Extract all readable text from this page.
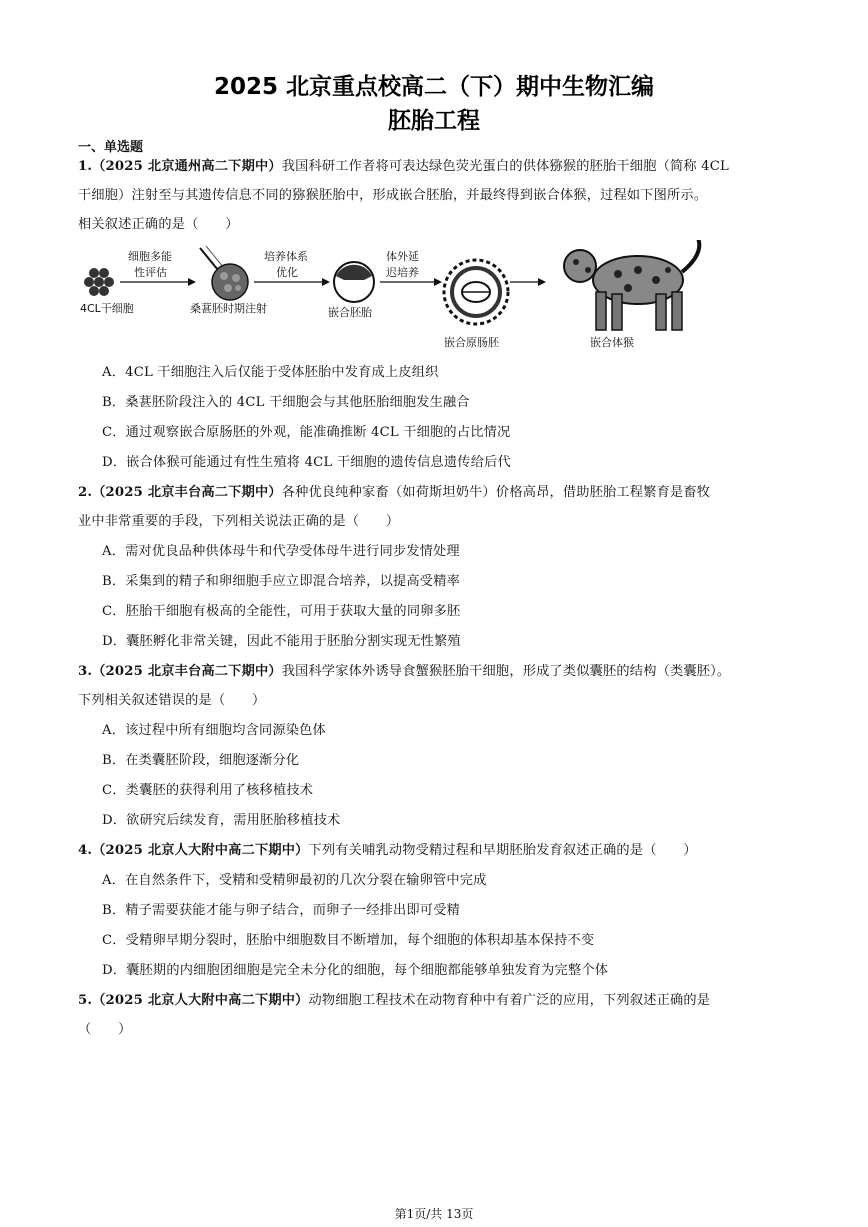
2025 北京重点校高二（下）期中生物汇编
胚胎工程
一、单选题
1.（2025 北京通州高二下期中）我国科研工作者将可表达绿色荧光蛋白的供体猕猴的胚胎干细胞（简称 4CL
干细胞）注射至与其遗传信息不同的猕猴胚胎中，形成嵌合胚胎，并最终得到嵌合体猴，过程如下图所示。
相关叙述正确的是（　　）
4CL干细胞
细胞多能
性评估
桑葚胚时期注射
培养体系
优化
嵌合胚胎
体外延
迟培养
嵌合原肠胚	嵌合体猴
A．4CL 干细胞注入后仅能于受体胚胎中发育成上皮组织
B．桑葚胚阶段注入的 4CL 干细胞会与其他胚胎细胞发生融合
C．通过观察嵌合原肠胚的外观，能准确推断 4CL 干细胞的占比情况
D．嵌合体猴可能通过有性生殖将 4CL 干细胞的遗传信息遗传给后代
2.（2025 北京丰台高二下期中）各种优良纯种家畜（如荷斯坦奶牛）价格高昂，借助胚胎工程繁育是畜牧
业中非常重要的手段，下列相关说法正确的是（　　）
A．需对优良品种供体母牛和代孕受体母牛进行同步发情处理
B．采集到的精子和卵细胞手应立即混合培养，以提高受精率
C．胚胎干细胞有极高的全能性，可用于获取大量的同卵多胚
D．囊胚孵化非常关键，因此不能用于胚胎分割实现无性繁殖
3.（2025 北京丰台高二下期中）我国科学家体外诱导食蟹猴胚胎干细胞，形成了类似囊胚的结构（类囊胚）。
下列相关叙述错误的是（　　）
A．该过程中所有细胞均含同源染色体
B．在类囊胚阶段，细胞逐渐分化
C．类囊胚的获得利用了核移植技术
D．欲研究后续发育，需用胚胎移植技术
4.（2025 北京人大附中高二下期中）下列有关哺乳动物受精过程和早期胚胎发育叙述正确的是（　　）
A．在自然条件下，受精和受精卵最初的几次分裂在输卵管中完成
B．精子需要获能才能与卵子结合，而卵子一经排出即可受精
C．受精卵早期分裂时，胚胎中细胞数目不断增加，每个细胞的体积却基本保持不变
D．囊胚期的内细胞团细胞是完全未分化的细胞，每个细胞都能够单独发育为完整个体
5.（2025 北京人大附中高二下期中）动物细胞工程技术在动物育种中有着广泛的应用，下列叙述正确的是
（　　）
第1页/共 13页
